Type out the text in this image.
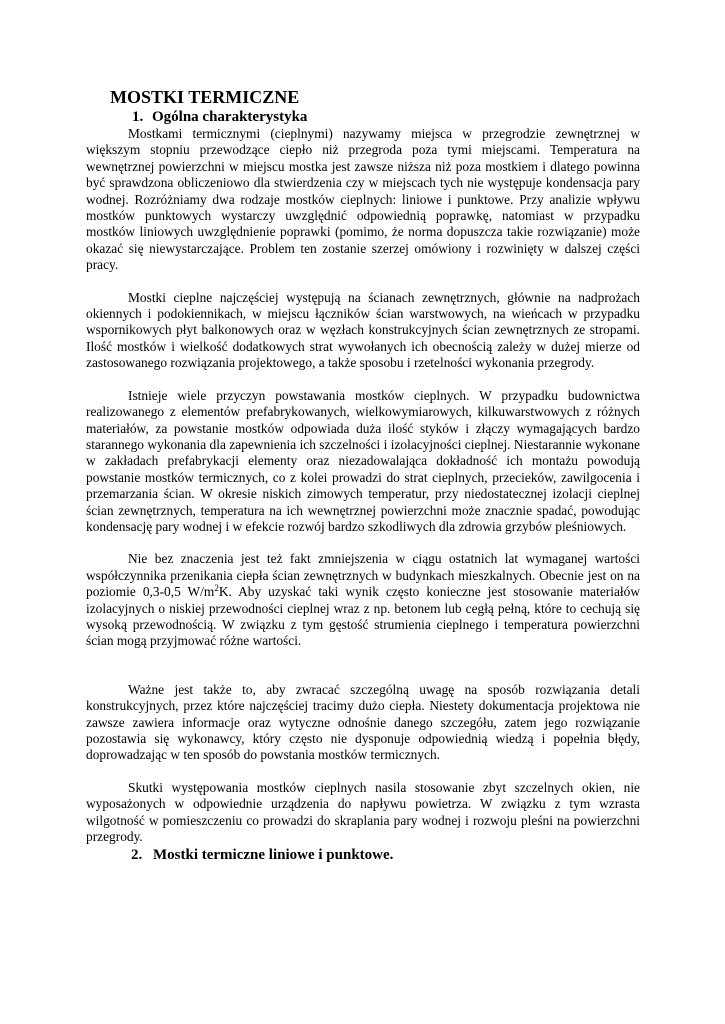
MOSTKI TERMICZNE
1. Ogólna charakterystyka

Mostkami termicznymi (cieplnymi) nazywamy miejsca w przegrodzie zewnętrznej w większym stopniu przewodzące ciepło niż przegroda poza tymi miejscami. Temperatura na wewnętrznej powierzchni w miejscu mostka jest zawsze niższa niż poza mostkiem i dlatego powinna być sprawdzona obliczeniowo dla stwierdzenia czy w miejscach tych nie występuje kondensacja pary wodnej. Rozróżniamy dwa rodzaje mostków cieplnych: liniowe i punktowe. Przy analizie wpływu mostków punktowych wystarczy uwzględnić odpowiednią poprawkę, natomiast w przypadku mostków liniowych uwzględnienie poprawki (pomimo, że norma dopuszcza takie rozwiązanie) może okazać się niewystarczające. Problem ten zostanie szerzej omówiony i rozwinięty w dalszej części pracy.

Mostki cieplne najczęściej występują na ścianach zewnętrznych, głównie na nadprożach okiennych i podokiennikach, w miejscu łączników ścian warstwowych, na wieńcach w przypadku wspornikowych płyt balkonowych oraz w węzłach konstrukcyjnych ścian zewnętrznych ze stropami. Ilość mostków i wielkość dodatkowych strat wywołanych ich obecnością zależy w dużej mierze od zastosowanego rozwiązania projektowego, a także sposobu i rzetelności wykonania przegrody.

Istnieje wiele przyczyn powstawania mostków cieplnych. W przypadku budownictwa realizowanego z elementów prefabrykowanych, wielkowymiarowych, kilkuwarstwowych z różnych materiałów, za powstanie mostków odpowiada duża ilość styków i złączy wymagających bardzo starannego wykonania dla zapewnienia ich szczelności i izolacyjności cieplnej. Niestarannie wykonane w zakładach prefabrykacji elementy oraz niezadowalająca dokładność ich montażu powodują powstanie mostków termicznych, co z kolei prowadzi do strat cieplnych, przecieków, zawilgocenia i przemarzania ścian. W okresie niskich zimowych temperatur, przy niedostatecznej izolacji cieplnej ścian zewnętrznych, temperatura na ich wewnętrznej powierzchni może znacznie spadać, powodując kondensację pary wodnej i w efekcie rozwój bardzo szkodliwych dla zdrowia grzybów pleśniowych.

Nie bez znaczenia jest też fakt zmniejszenia w ciągu ostatnich lat wymaganej wartości współczynnika przenikania ciepła ścian zewnętrznych w budynkach mieszkalnych. Obecnie jest on na poziomie 0,3-0,5 $W/m^2K$. Aby uzyskać taki wynik często konieczne jest stosowanie materiałów izolacyjnych o niskiej przewodności cieplnej wraz z np. betonem lub cegłą pełną, które to cechują się wysoką przewodnością. W związku z tym gęstość strumienia cieplnego i temperatura powierzchni ścian mogą przyjmować różne wartości.

Ważne jest także to, aby zwracać szczególną uwagę na sposób rozwiązania detali konstrukcyjnych, przez które najczęściej tracimy dużo ciepła. Niestety dokumentacja projektowa nie zawsze zawiera informacje oraz wytyczne odnośnie danego szczegółu, zatem jego rozwiązanie pozostawia się wykonawcy, który często nie dysponuje odpowiednią wiedzą i popełnia błędy, doprowadzając w ten sposób do powstania mostków termicznych.

Skutki występowania mostków cieplnych nasila stosowanie zbyt szczelnych okien, nie wyposażonych w odpowiednie urządzenia do napływu powietrza. W związku z tym wzrasta wilgotność w pomieszczeniu co prowadzi do skraplania pary wodnej i rozwoju pleśni na powierzchni przegrody.

2. Mostki termiczne liniowe i punktowe.
